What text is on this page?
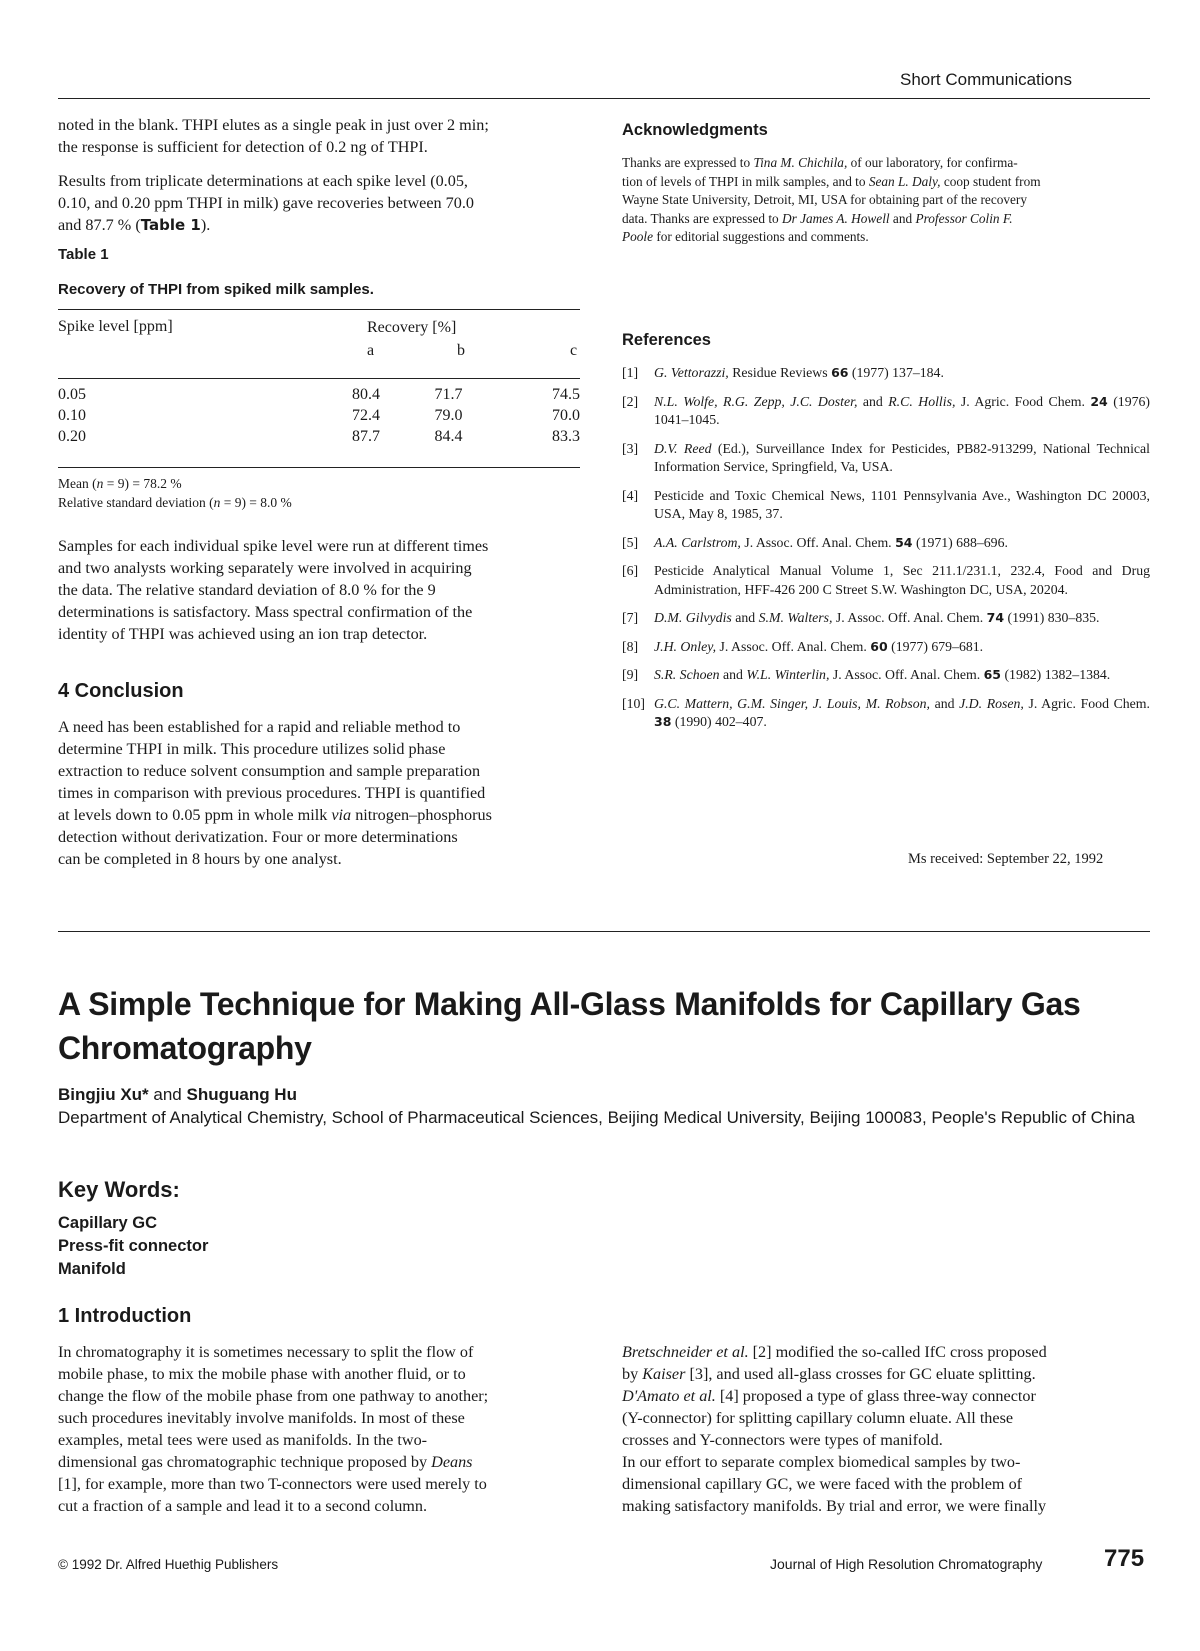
Short Communications

noted in the blank. THPI elutes as a single peak in just over 2 min;
the response is sufficient for detection of 0.2 ng of THPI.

Results from triplicate determinations at each spike level (0.05,
0.10, and 0.20 ppm THPI in milk) gave recoveries between 70.0
and 87.7 % (Table 1).

Table 1
Recovery of THPI from spiked milk samples.
Spike level [ppm]	Recovery [%]
a	b	c
0.05	80.4	71.7	74.5
0.10	72.4	79.0	70.0
0.20	87.7	84.4	83.3
Mean (n = 9) = 78.2 %
Relative standard deviation (n = 9) = 8.0 %

Samples for each individual spike level were run at different times
and two analysts working separately were involved in acquiring
the data. The relative standard deviation of 8.0 % for the 9
determinations is satisfactory. Mass spectral confirmation of the
identity of THPI was achieved using an ion trap detector.

4 Conclusion

A need has been established for a rapid and reliable method to
determine THPI in milk. This procedure utilizes solid phase
extraction to reduce solvent consumption and sample preparation
times in comparison with previous procedures. THPI is quantified
at levels down to 0.05 ppm in whole milk via nitrogen–phosphorus
detection without derivatization. Four or more determinations
can be completed in 8 hours by one analyst.

Acknowledgments

Thanks are expressed to Tina M. Chichila, of our laboratory, for confirma-
tion of levels of THPI in milk samples, and to Sean L. Daly, coop student from
Wayne State University, Detroit, MI, USA for obtaining part of the recovery
data. Thanks are expressed to Dr James A. Howell and Professor Colin F.
Poole for editorial suggestions and comments.

References
[1]	G. Vettorazzi, Residue Reviews 66 (1977) 137–184.
[2]	N.L. Wolfe, R.G. Zepp, J.C. Doster, and R.C. Hollis, J. Agric. Food Chem. 24 (1976) 1041–1045.
[3]	D.V. Reed (Ed.), Surveillance Index for Pesticides, PB82-913299, National Technical Information Service, Springfield, Va, USA.
[4]	Pesticide and Toxic Chemical News, 1101 Pennsylvania Ave., Washington DC 20003, USA, May 8, 1985, 37.
[5]	A.A. Carlstrom, J. Assoc. Off. Anal. Chem. 54 (1971) 688–696.
[6]	Pesticide Analytical Manual Volume 1, Sec 211.1/231.1, 232.4, Food and Drug Administration, HFF-426 200 C Street S.W. Washington DC, USA, 20204.
[7]	D.M. Gilvydis and S.M. Walters, J. Assoc. Off. Anal. Chem. 74 (1991) 830–835.
[8]	J.H. Onley, J. Assoc. Off. Anal. Chem. 60 (1977) 679–681.
[9]	S.R. Schoen and W.L. Winterlin, J. Assoc. Off. Anal. Chem. 65 (1982) 1382–1384.
[10] G.C. Mattern, G.M. Singer, J. Louis, M. Robson, and J.D. Rosen, J. Agric. Food Chem. 38 (1990) 402–407.
Ms received: September 22, 1992
A Simple Technique for Making All-Glass Manifolds for Capillary Gas
Chromatography
Bingjiu Xu* and Shuguang Hu
Department of Analytical Chemistry, School of Pharmaceutical Sciences, Beijing Medical University, Beijing 100083, People's Republic of China
Key Words:
Capillary GC
Press-fit connector
Manifold
1 Introduction

In chromatography it is sometimes necessary to split the flow of
mobile phase, to mix the mobile phase with another fluid, or to
change the flow of the mobile phase from one pathway to another;
such procedures inevitably involve manifolds. In most of these
examples, metal tees were used as manifolds. In the two-
dimensional gas chromatographic technique proposed by Deans
[1], for example, more than two T-connectors were used merely to
cut a fraction of a sample and lead it to a second column.

Bretschneider et al. [2] modified the so-called IfC cross proposed
by Kaiser [3], and used all-glass crosses for GC eluate splitting.
D'Amato et al. [4] proposed a type of glass three-way connector
(Y-connector) for splitting capillary column eluate. All these
crosses and Y-connectors were types of manifold.
In our effort to separate complex biomedical samples by two-
dimensional capillary GC, we were faced with the problem of
making satisfactory manifolds. By trial and error, we were finally

© 1992 Dr. Alfred Huethig Publishers	Journal of High Resolution Chromatography	775
